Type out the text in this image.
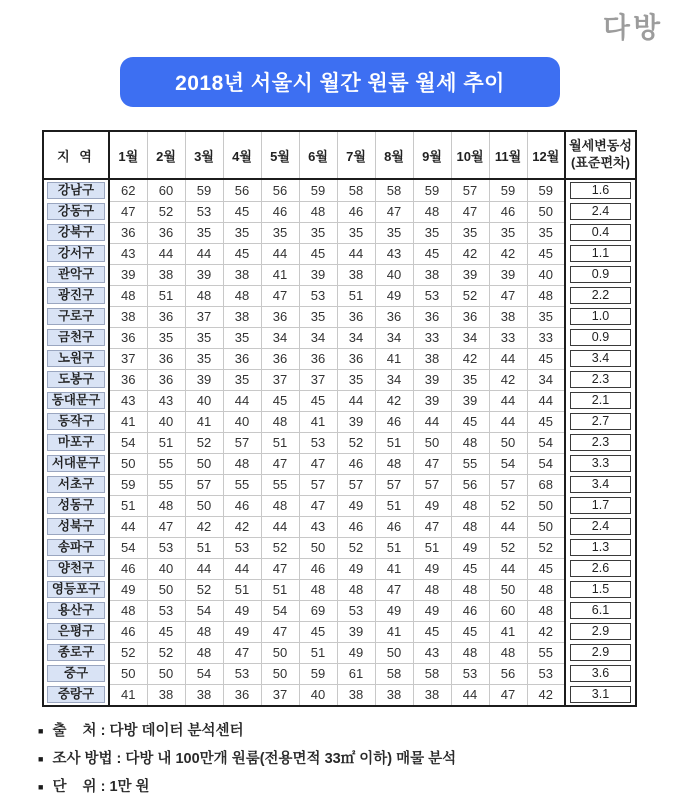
다방
2018년 서울시 월간 원룸 월세 추이
지 역	1월	2월	3월	4월	5월	6월	7월	8월	9월	10월	11월	12월	월세변동성
(표준편차)

강남구	62	60	59	56	56	59	58	58	59	57	59	59	1.6

강동구	47	52	53	45	46	48	46	47	48	47	46	50	2.4

강북구	36	36	35	35	35	35	35	35	35	35	35	35	0.4

강서구	43	44	44	45	44	45	44	43	45	42	42	45	1.1

관악구	39	38	39	38	41	39	38	40	38	39	39	40	0.9

광진구	48	51	48	48	47	53	51	49	53	52	47	48	2.2

구로구	38	36	37	38	36	35	36	36	36	36	38	35	1.0

금천구	36	35	35	35	34	34	34	34	33	34	33	33	0.9

노원구	37	36	35	36	36	36	36	41	38	42	44	45	3.4

도봉구	36	36	39	35	37	37	35	34	39	35	42	34	2.3

동대문구	43	43	40	44	45	45	44	42	39	39	44	44	2.1

동작구	41	40	41	40	48	41	39	46	44	45	44	45	2.7

마포구	54	51	52	57	51	53	52	51	50	48	50	54	2.3

서대문구	50	55	50	48	47	47	46	48	47	55	54	54	3.3

서초구	59	55	57	55	55	57	57	57	57	56	57	68	3.4

성동구	51	48	50	46	48	47	49	51	49	48	52	50	1.7

성북구	44	47	42	42	44	43	46	46	47	48	44	50	2.4

송파구	54	53	51	53	52	50	52	51	51	49	52	52	1.3

양천구	46	40	44	44	47	46	49	41	49	45	44	45	2.6

영등포구	49	50	52	51	51	48	48	47	48	48	50	48	1.5

용산구	48	53	54	49	54	69	53	49	49	46	60	48	6.1

은평구	46	45	48	49	47	45	39	41	45	45	41	42	2.9

종로구	52	52	48	47	50	51	49	50	43	48	48	55	2.9

중구	50	50	54	53	50	59	61	58	58	53	56	53	3.6

중랑구	41	38	38	36	37	40	38	38	38	44	47	42	3.1
■ 출    처 : 다방 데이터 분석센터
■ 조사 방법 : 다방 내 100만개 원룸(전용면적 33㎡ 이하) 매물 분석
■ 단    위 : 1만 원
